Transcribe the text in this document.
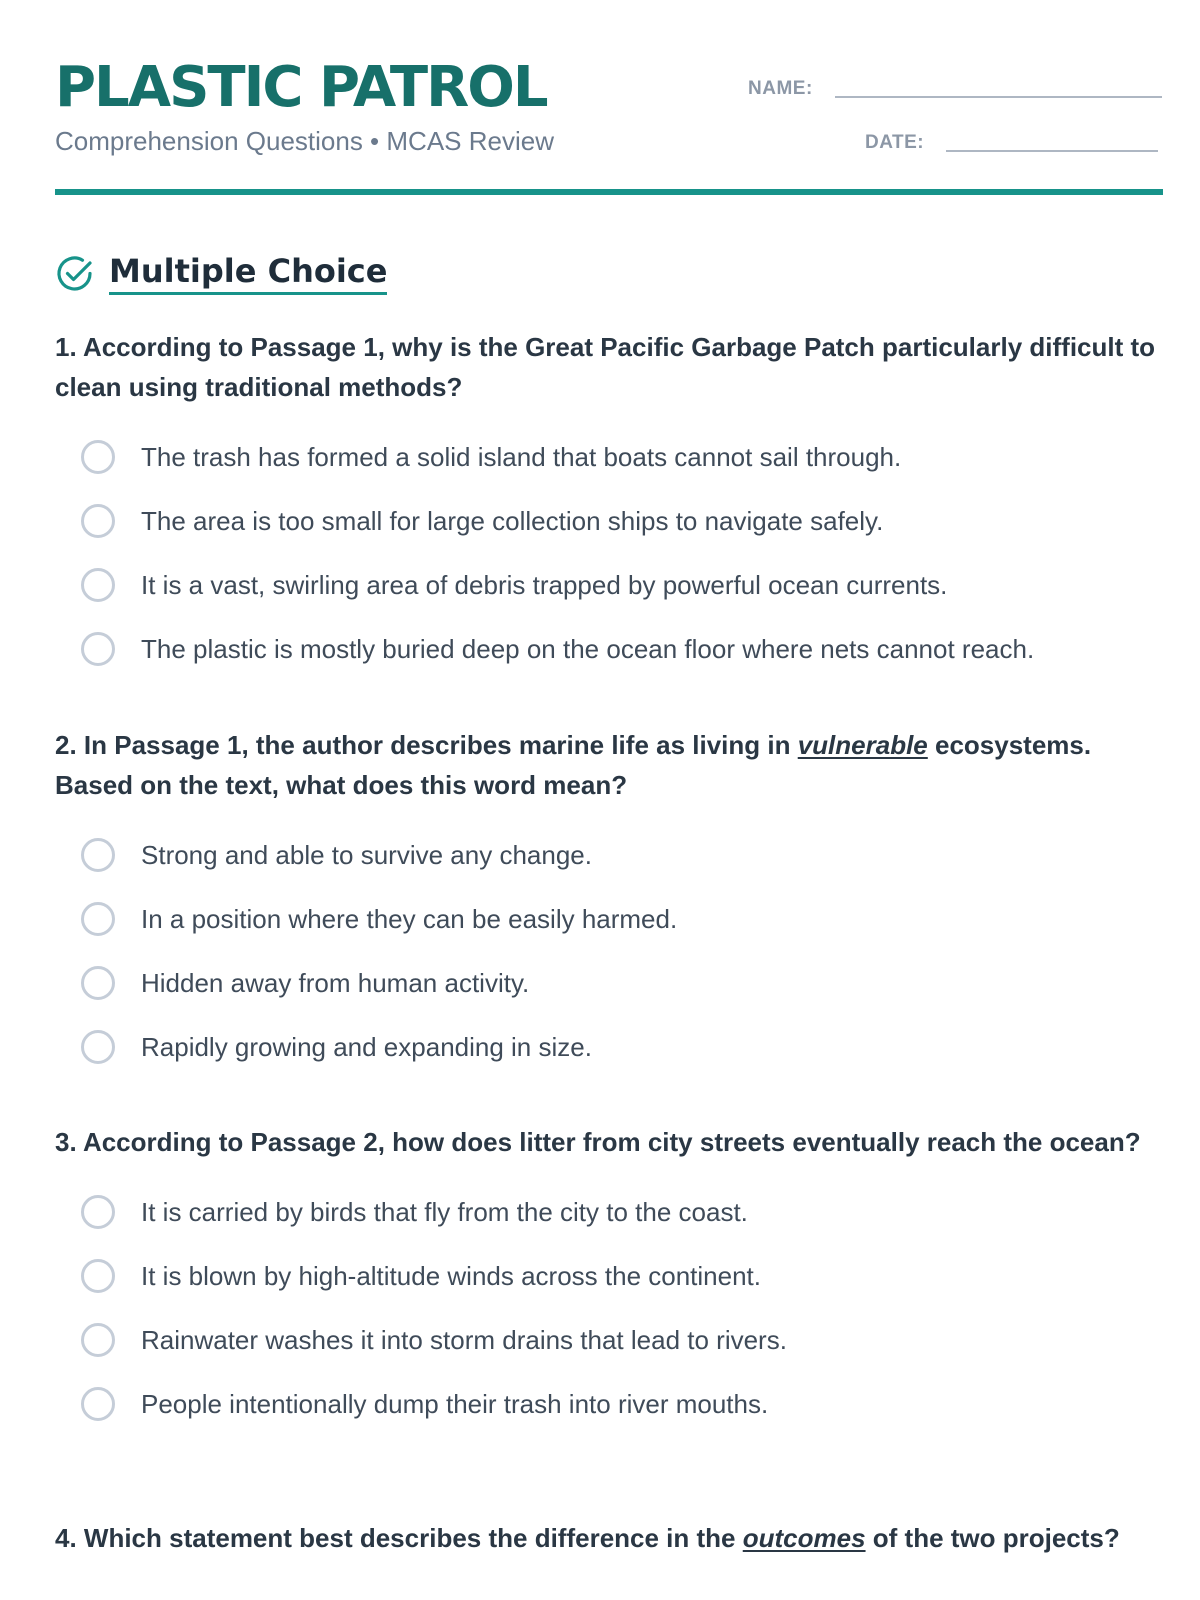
PLASTIC PATROL
Comprehension Questions • MCAS Review
NAME:
DATE:
Multiple Choice

1. According to Passage 1, why is the Great Pacific Garbage Patch particularly difficult to clean using traditional methods?

The trash has formed a solid island that boats cannot sail through.
The area is too small for large collection ships to navigate safely.
It is a vast, swirling area of debris trapped by powerful ocean currents.
The plastic is mostly buried deep on the ocean floor where nets cannot reach.

2. In Passage 1, the author describes marine life as living in vulnerable ecosystems. Based on the text, what does this word mean?

Strong and able to survive any change.
In a position where they can be easily harmed.
Hidden away from human activity.
Rapidly growing and expanding in size.

3. According to Passage 2, how does litter from city streets eventually reach the ocean?

It is carried by birds that fly from the city to the coast.
It is blown by high-altitude winds across the continent.
Rainwater washes it into storm drains that lead to rivers.
People intentionally dump their trash into river mouths.

4. Which statement best describes the difference in the outcomes of the two projects?
